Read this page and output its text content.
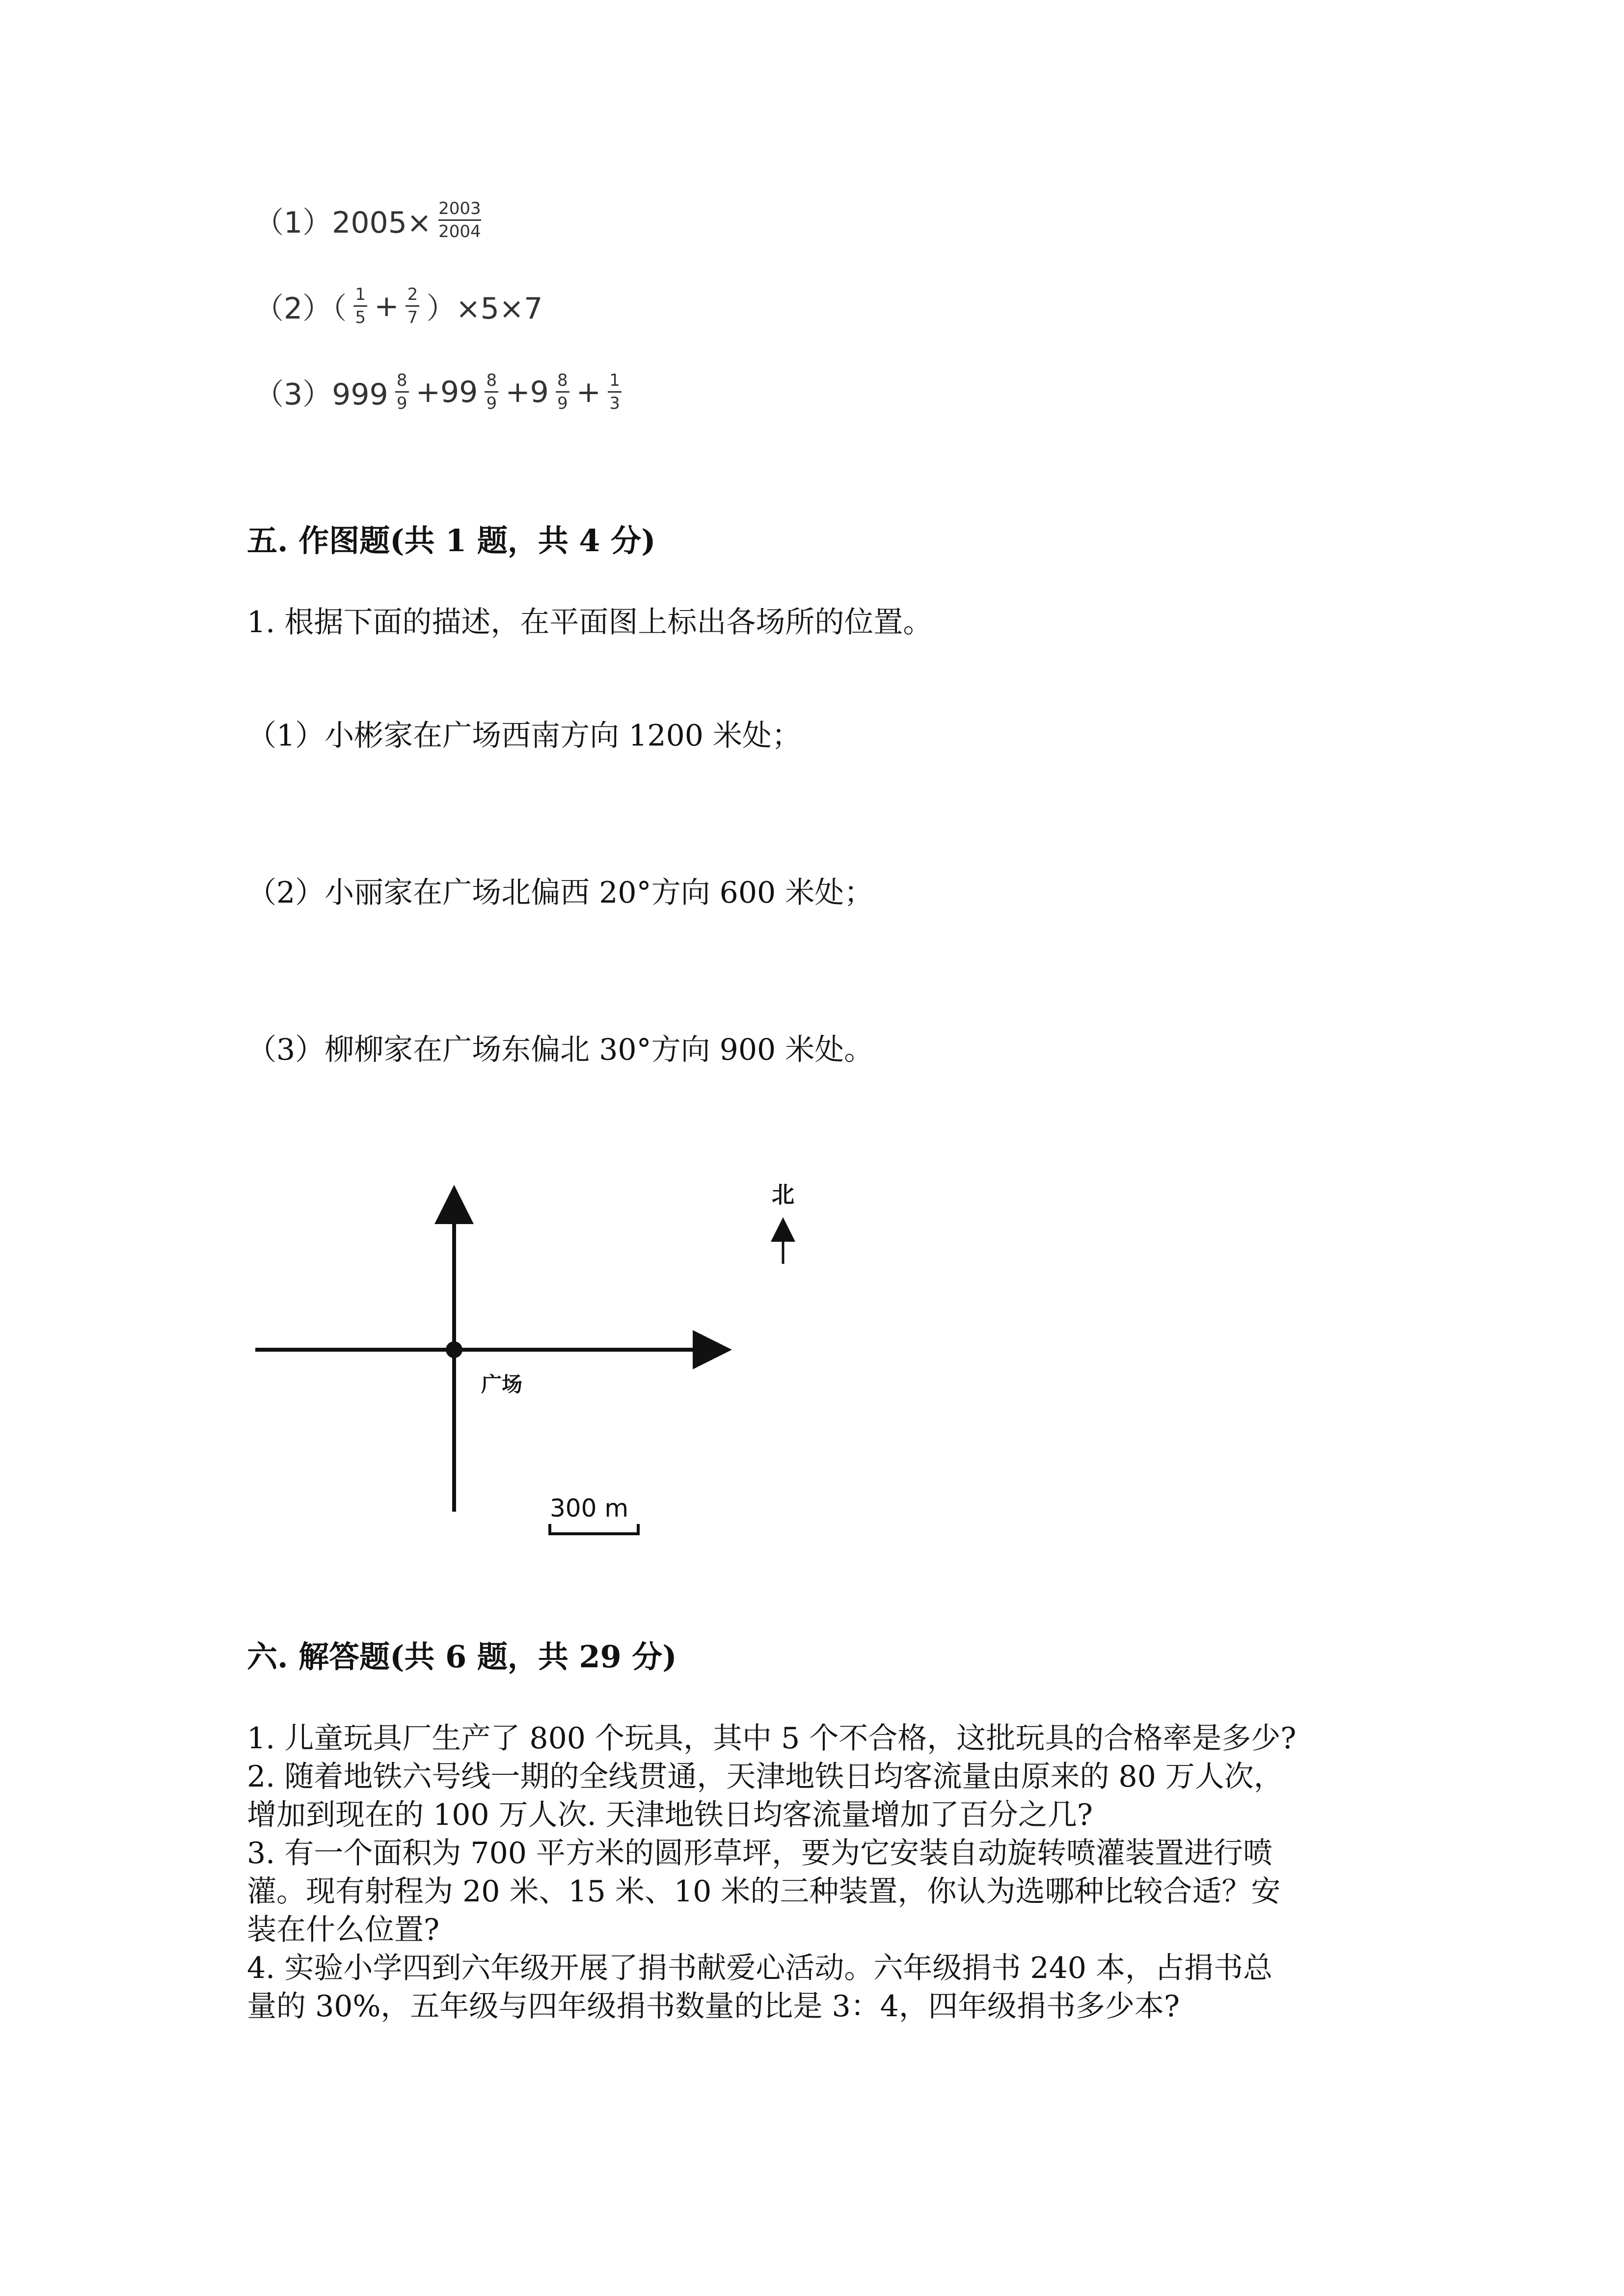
$(1)2005\times \frac{2003}{2004}$
$(2)( \frac{1}{5} + \frac{2}{7} )\times 5\times 7$
$(3)999 \frac{8}{9} +99 \frac{8}{9} +9 \frac{8}{9} + \frac{1}{3}$
五. 作图题(共 1 题，共 4 分)
1. 根据下面的描述，在平面图上标出各场所的位置。
（1）小彬家在广场西南方向 1200 米处；
（2）小丽家在广场北偏西 20°方向 600 米处；
（3）柳柳家在广场东偏北 30°方向 900 米处。
广场
北
300 m
六. 解答题(共 6 题，共 29 分)
1. 儿童玩具厂生产了 800 个玩具，其中 5 个不合格，这批玩具的合格率是多少?
2. 随着地铁六号线一期的全线贯通，天津地铁日均客流量由原来的 80 万人次，
增加到现在的 100 万人次. 天津地铁日均客流量增加了百分之几?
3. 有一个面积为 700 平方米的圆形草坪，要为它安装自动旋转喷灌装置进行喷
灌。现有射程为 20 米、15 米、10 米的三种装置，你认为选哪种比较合适？安
装在什么位置?
4. 实验小学四到六年级开展了捐书献爱心活动。六年级捐书 240 本，占捐书总
量的 30%，五年级与四年级捐书数量的比是 3：4，四年级捐书多少本?
